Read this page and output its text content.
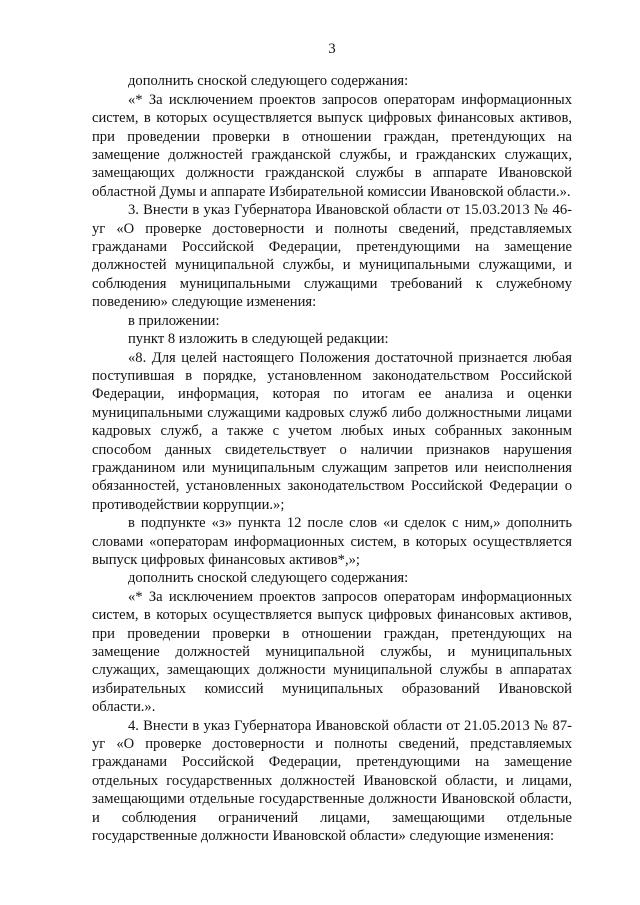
3

дополнить сноской следующего содержания:

«* За исключением проектов запросов операторам информационных систем, в которых осуществляется выпуск цифровых финансовых активов, при проведении проверки в отношении граждан, претендующих на замещение должностей гражданской службы, и гражданских служащих, замещающих должности гражданской службы в аппарате Ивановской областной Думы и аппарате Избирательной комиссии Ивановской области.».

3. Внести в указ Губернатора Ивановской области от 15.03.2013 № 46-уг «О проверке достоверности и полноты сведений, представляемых гражданами Российской Федерации, претендующими на замещение должностей муниципальной службы, и муниципальными служащими, и соблюдения муниципальными служащими требований к служебному поведению» следующие изменения:

в приложении:

пункт 8 изложить в следующей редакции:

«8. Для целей настоящего Положения достаточной признается любая поступившая в порядке, установленном законодательством Российской Федерации, информация, которая по итогам ее анализа и оценки муниципальными служащими кадровых служб либо должностными лицами кадровых служб, а также с учетом любых иных собранных законным способом данных свидетельствует о наличии признаков нарушения гражданином или муниципальным служащим запретов или неисполнения обязанностей, установленных законодательством Российской Федерации о противодействии коррупции.»;

в подпункте «з» пункта 12 после слов «и сделок с ним,» дополнить словами «операторам информационных систем, в которых осуществляется выпуск цифровых финансовых активов*,»;

дополнить сноской следующего содержания:

«* За исключением проектов запросов операторам информационных систем, в которых осуществляется выпуск цифровых финансовых активов, при проведении проверки в отношении граждан, претендующих на замещение должностей муниципальной службы, и муниципальных служащих, замещающих должности муниципальной службы в аппаратах избирательных комиссий муниципальных образований Ивановской области.».

4. Внести в указ Губернатора Ивановской области от 21.05.2013 № 87-уг «О проверке достоверности и полноты сведений, представляемых гражданами Российской Федерации, претендующими на замещение отдельных государственных должностей Ивановской области, и лицами, замещающими отдельные государственные должности Ивановской области, и соблюдения ограничений лицами, замещающими отдельные государственные должности Ивановской области» следующие изменения:
